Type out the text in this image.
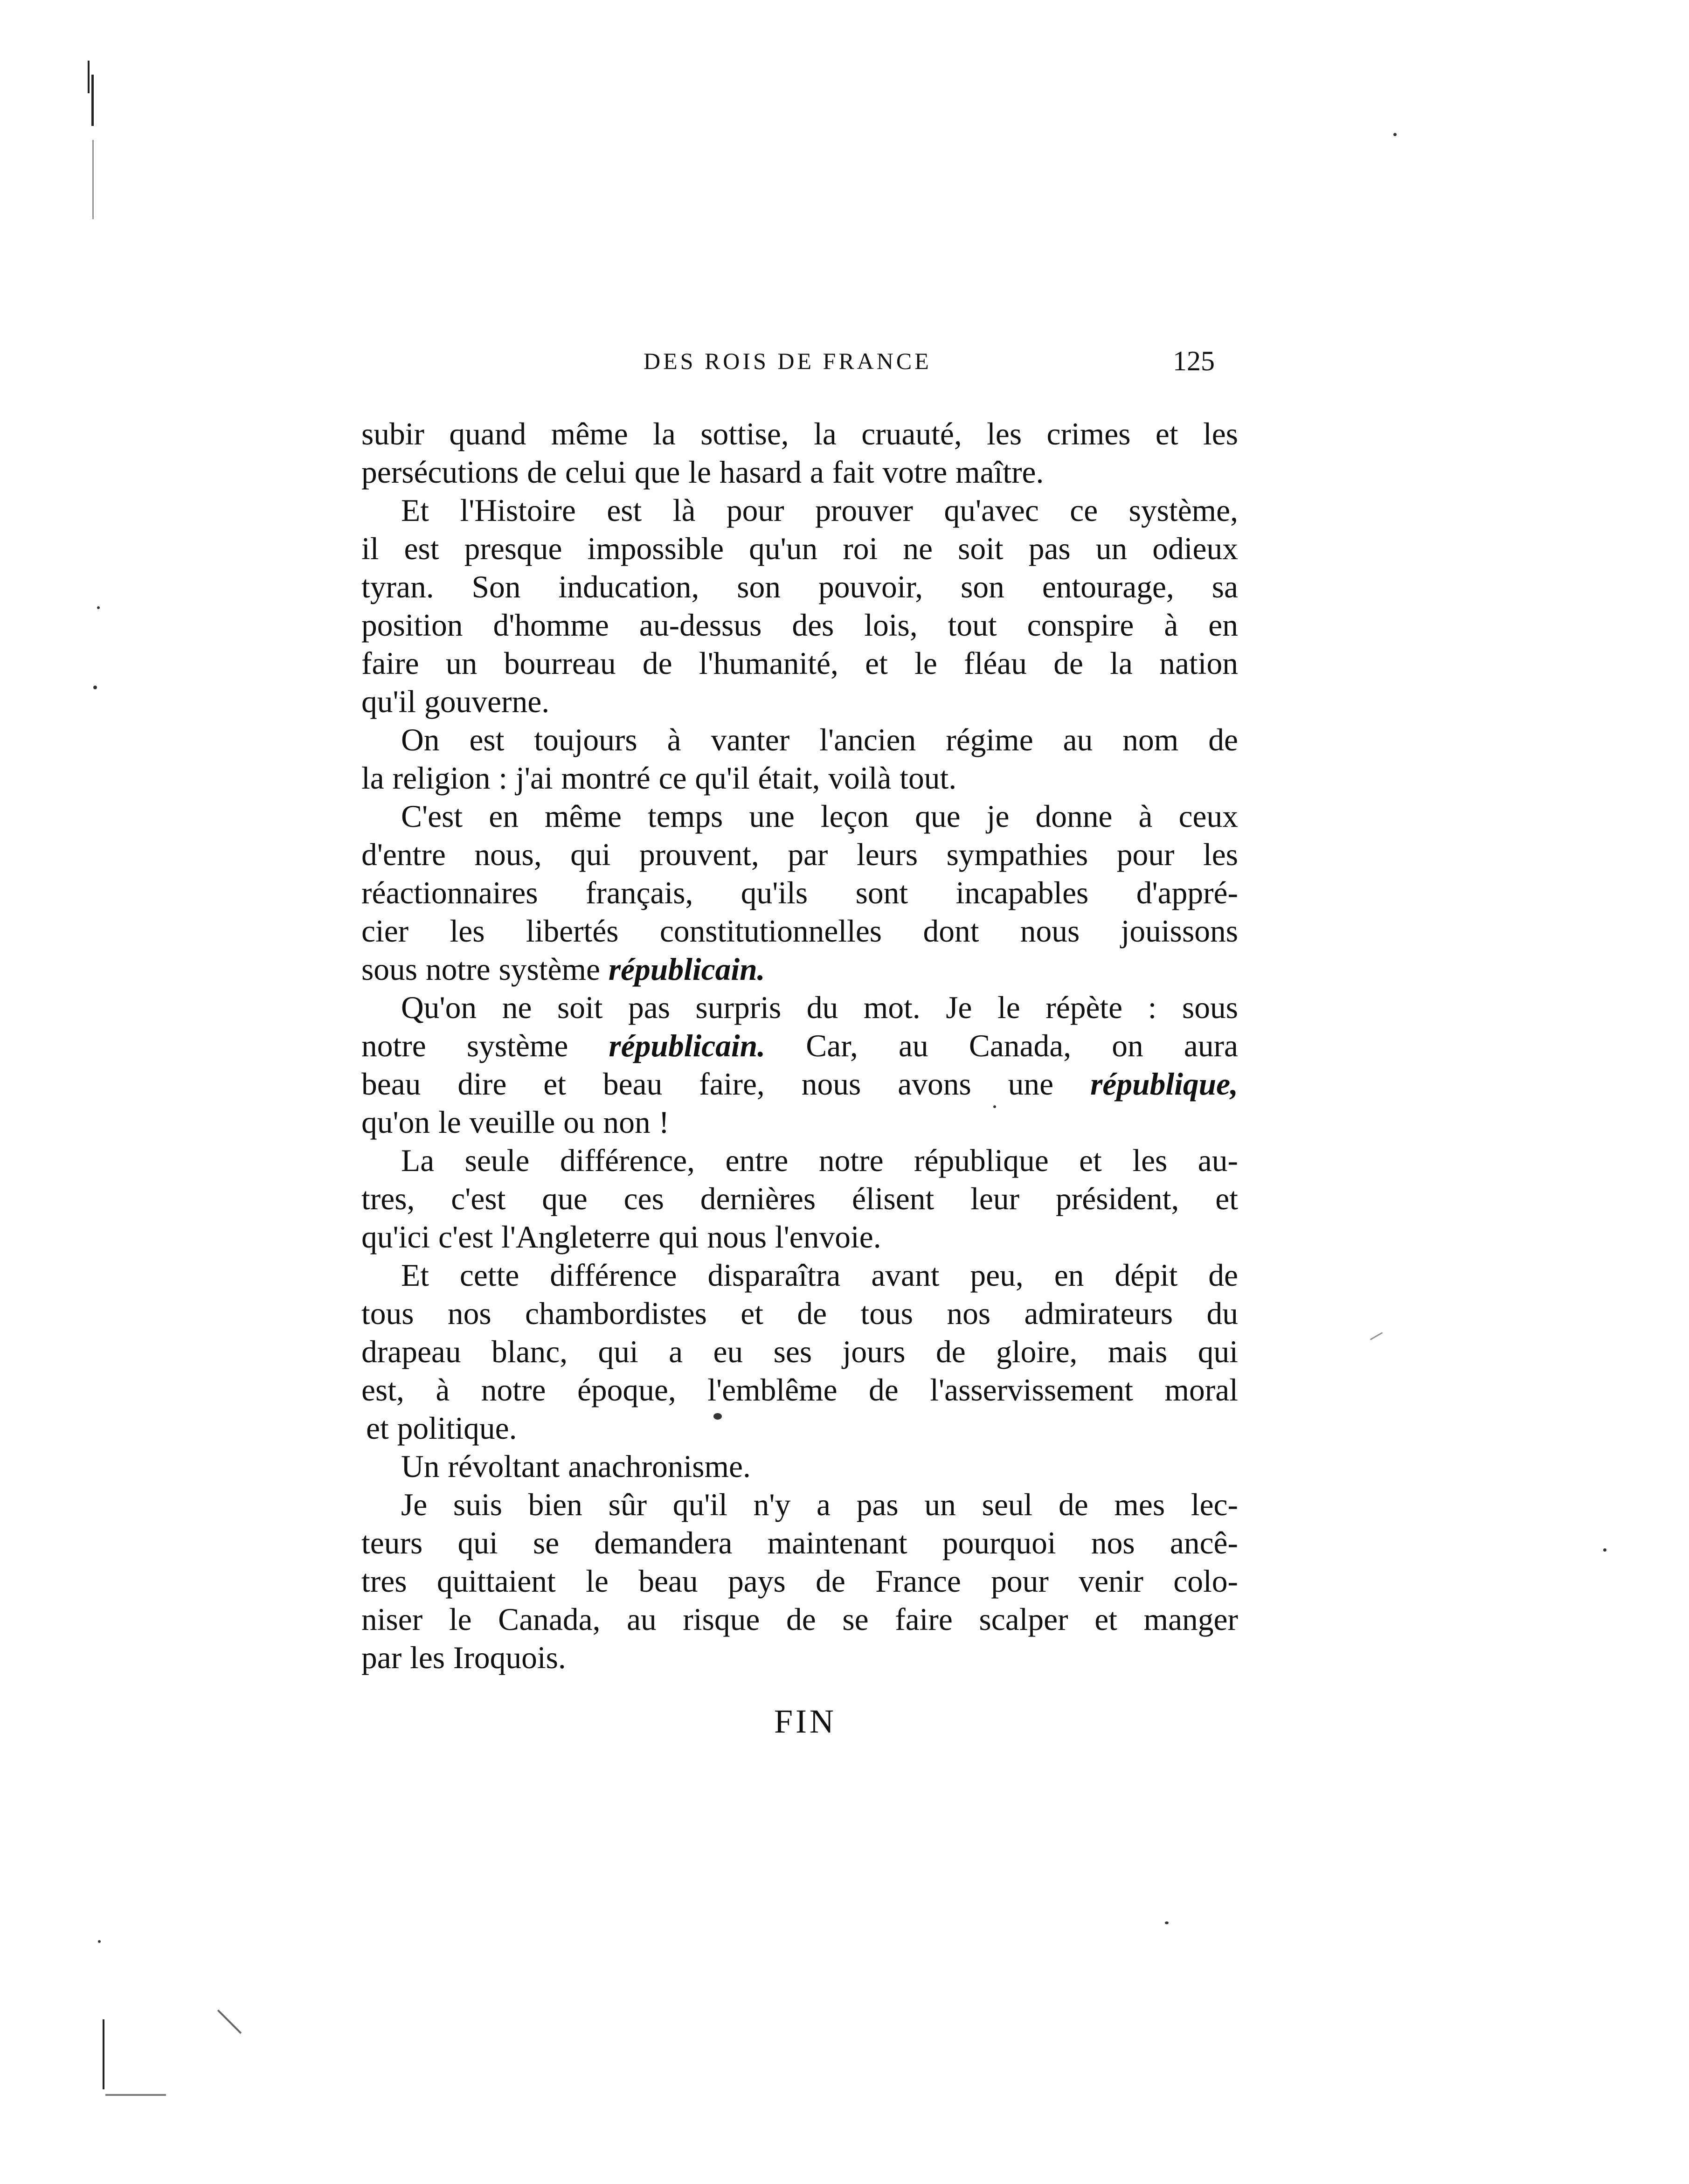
DES ROIS DE FRANCE	125

subir quand même la sottise, la cruauté, les crimes et les
persécutions de celui que le hasard a fait votre maître.

Et l'Histoire est là pour prouver qu'avec ce système,
il est presque impossible qu'un roi ne soit pas un odieux
tyran. Son inducation, son pouvoir, son entourage, sa
position d'homme au-dessus des lois, tout conspire à en
faire un bourreau de l'humanité, et le fléau de la nation
qu'il gouverne.

On est toujours à vanter l'ancien régime au nom de
la religion : j'ai montré ce qu'il était, voilà tout.

C'est en même temps une leçon que je donne à ceux
d'entre nous, qui prouvent, par leurs sympathies pour les
réactionnaires français, qu'ils sont incapables d'appré-
cier les libertés constitutionnelles dont nous jouissons
sous notre système républicain.

Qu'on ne soit pas surpris du mot. Je le répète : sous
notre système républicain. Car, au Canada, on aura
beau dire et beau faire, nous avons une république,
qu'on le veuille ou non !

La seule différence, entre notre république et les au-
tres, c'est que ces dernières élisent leur président, et
qu'ici c'est l'Angleterre qui nous l'envoie.

Et cette différence disparaîtra avant peu, en dépit de
tous nos chambordistes et de tous nos admirateurs du
drapeau blanc, qui a eu ses jours de gloire, mais qui
est, à notre époque, l'emblême de l'asservissement moral
et politique.

Un révoltant anachronisme.

Je suis bien sûr qu'il n'y a pas un seul de mes lec-
teurs qui se demandera maintenant pourquoi nos ancê-
tres quittaient le beau pays de France pour venir colo-
niser le Canada, au risque de se faire scalper et manger
par les Iroquois.

FIN
